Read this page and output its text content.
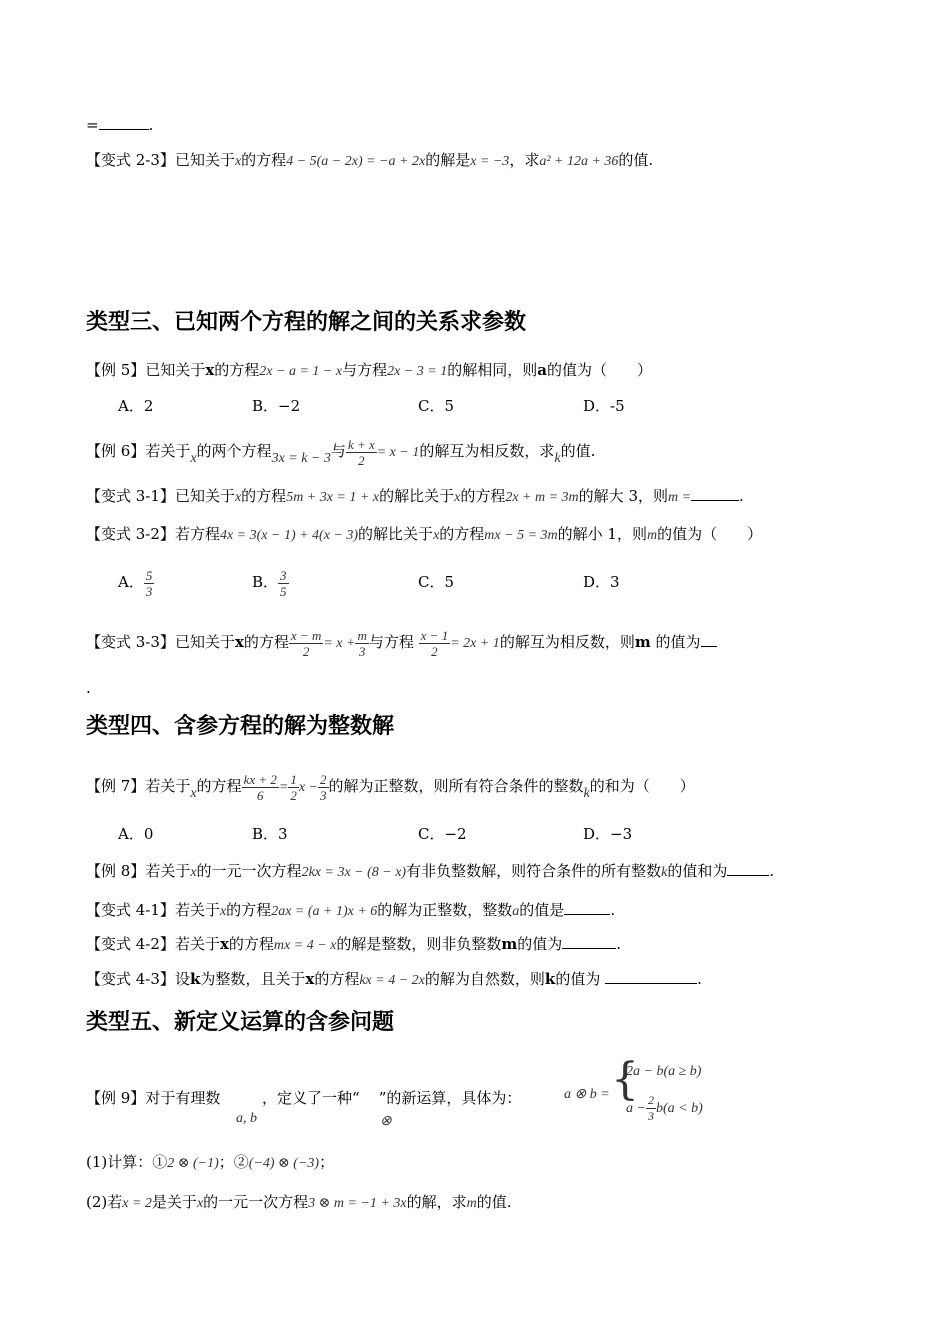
=	.
【变式 2-3】已知关于x的方程4 − 5(a − 2x) = −a + 2x的解是x = −3，求a² + 12a + 36的值.
类型三、已知两个方程的解之间的关系求参数
【例 5】已知关于x的方程2x − a = 1 − x与方程2x − 3 = 1的解相同，则a的值为（　　）
A．2	B．−2	C．5	D．-5
【例 6】若关于x的两个方程3x = k − 3与 $\frac{k + x}{2} = x - 1$的解互为相反数，求k的值.
【变式 3-1】已知关于x的方程5m + 3x = 1 + x的解比关于x的方程2x + m = 3m的解大 3，则m =	.
【变式 3-2】若方程4x = 3(x − 1) + 4(x − 3)的解比关于x的方程mx − 5 = 3m的解小 1，则m的值为（　　）
A． $\frac{5}{3}$	B． $\frac{3}{5}$	C．5	D．3
【变式 3-3】已知关于x的方程 $\frac{x - m}{2} = x + \frac{m}{3}$ 与方程 $\frac{x - 1}{2} = 2x + 1$的解互为相反数，则m 的值为
.
类型四、含参方程的解为整数解
【例 7】若关于x的方程 $\frac{kx + 2}{6} = \frac{1}{2}$ $x - \frac{2}{3}$ 的解为正整数，则所有符合条件的整数k的和为（　　）
A．0	B．3	C．−2	D．−3
【例 8】若关于x的一元一次方程2kx = 3x − (8 − x)有非负整数解，则符合条件的所有整数k的值和为	.
【变式 4-1】若关于x的方程2ax = (a + 1)x + 6的解为正整数，整数a的值是	.
【变式 4-2】若关于x的方程mx = 4 − x的解是整数，则非负整数m的值为	.
【变式 4-3】设k为整数，且关于x的方程kx = 4 − 2x的解为自然数，则k的值为	.
类型五、新定义运算的含参问题
【例 9】对于有理数
a, b
，定义了一种“ ”的新运算，具体为：
⊗
a ⊗ b = {
2a − b(a ≥ b)
$a - \frac{2}{3} b(a < b)$
(1)计算：①2 ⊗ (−1)；②(−4) ⊗ (−3)；
(2)若x = 2是关于x的一元一次方程3 ⊗ m = −1 + 3x的解，求m的值.
